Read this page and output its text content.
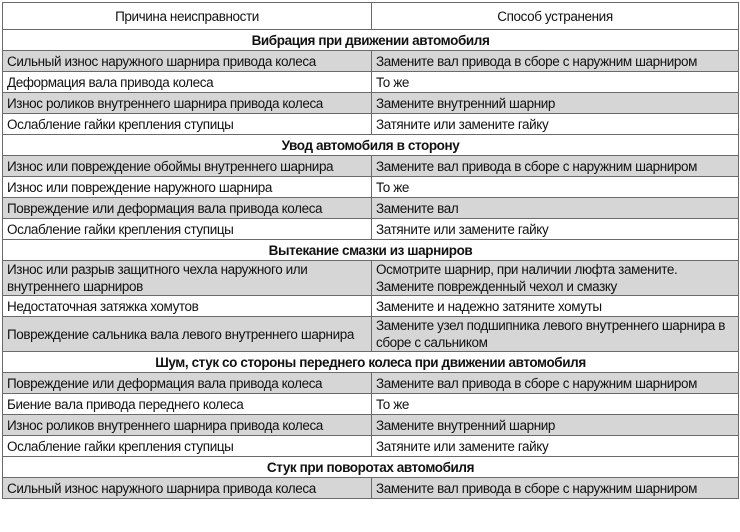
Причина неисправности	Способ устранения
Вибрация при движении автомобиля	
Сильный износ наружного шарнира привода колеса	Замените вал привода в сборе с наружним шарниром
Деформация вала привода колеса	То же
Износ роликов внутреннего шарнира привода колеса	Замените внутренний шарнир
Ослабление гайки крепления ступицы	Затяните или замените гайку
Увод автомобиля в сторону	
Износ или повреждение обоймы внутреннего шарнира	Замените вал привода в сборе с наружним шарниром
Износ или повреждение наружного шарнира	То же
Повреждение или деформация вала привода колеса	Замените вал
Ослабление гайки крепления ступицы	Затяните или замените гайку
Вытекание смазки из шарниров	
Износ или разрыв защитного чехла наружного или внутреннего шарниров	Осмотрите шарнир, при наличии люфта замените. Замените поврежденный чехол и смазку
Недостаточная затяжка хомутов	Замените и надежно затяните хомуты
Повреждение сальника вала левого внутреннего шарнира	Замените узел подшипника левого внутреннего шарнира в сборе с сальником
Шум, стук со стороны переднего колеса при движении автомобиля	
Повреждение или деформация вала привода колеса	Замените вал привода в сборе с наружним шарниром
Биение вала привода переднего колеса	То же
Износ роликов внутреннего шарнира привода колеса	Замените внутренний шарнир
Ослабление гайки крепления ступицы	Затяните или замените гайку
Стук при поворотах автомобиля	
Сильный износ наружного шарнира привода колеса	Замените вал привода в сборе с наружним шарниром
